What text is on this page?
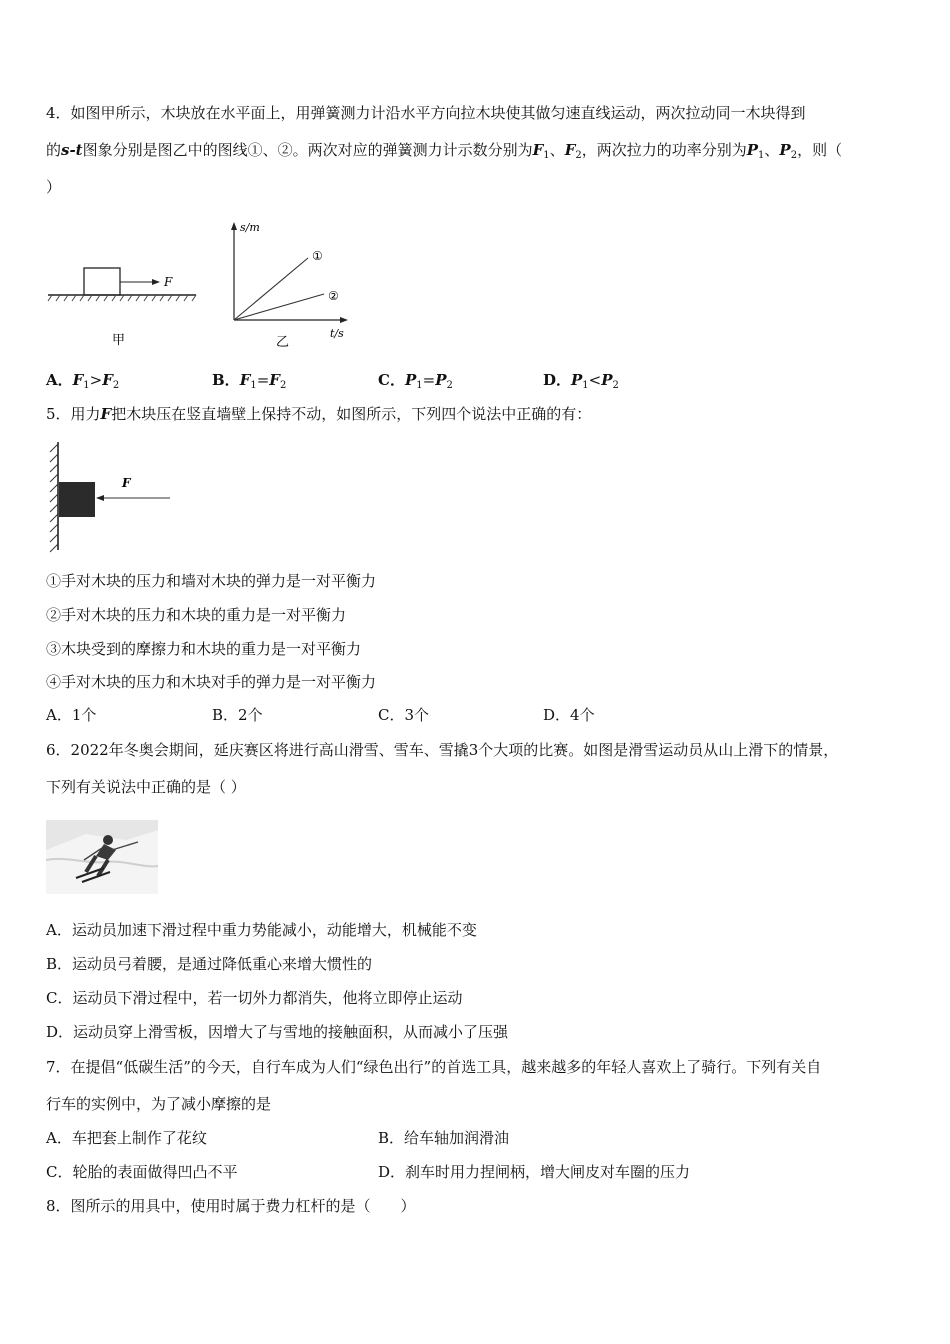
4．如图甲所示，木块放在水平面上，用弹簧测力计沿水平方向拉木块使其做匀速直线运动，两次拉动同一木块得到
的s-t图象分别是图乙中的图线①、②。两次对应的弹簧测力计示数分别为$F_1$、$F_2$，两次拉力的功率分别为$P_1$、$P_2$，则（
）
F
甲
s/m
t/s
①
②
乙
A．$F_1>F_2$	B．$F_1=F_2$	C．$P_1=P_2$	D．$P_1<P_2$
5．用力F把木块压在竖直墙壁上保持不动，如图所示，下列四个说法中正确的有：
F
①手对木块的压力和墙对木块的弹力是一对平衡力
②手对木块的压力和木块的重力是一对平衡力
③木块受到的摩擦力和木块的重力是一对平衡力
④手对木块的压力和木块对手的弹力是一对平衡力
A．1个	B．2个	C．3个	D．4个
6．2022年冬奥会期间，延庆赛区将进行高山滑雪、雪车、雪撬3个大项的比赛。如图是滑雪运动员从山上滑下的情景，
下列有关说法中正确的是（ ）
A．运动员加速下滑过程中重力势能减小，动能增大，机械能不变
B．运动员弓着腰，是通过降低重心来增大惯性的
C．运动员下滑过程中，若一切外力都消失，他将立即停止运动
D．运动员穿上滑雪板，因增大了与雪地的接触面积，从而减小了压强
7．在提倡“低碳生活”的今天，自行车成为人们“绿色出行”的首选工具，越来越多的年轻人喜欢上了骑行。下列有关自
行车的实例中，为了减小摩擦的是
A．车把套上制作了花纹	B．给车轴加润滑油
C．轮胎的表面做得凹凸不平	D．刹车时用力捏闸柄，增大闸皮对车圈的压力
8．图所示的用具中，使用时属于费力杠杆的是（　　）
